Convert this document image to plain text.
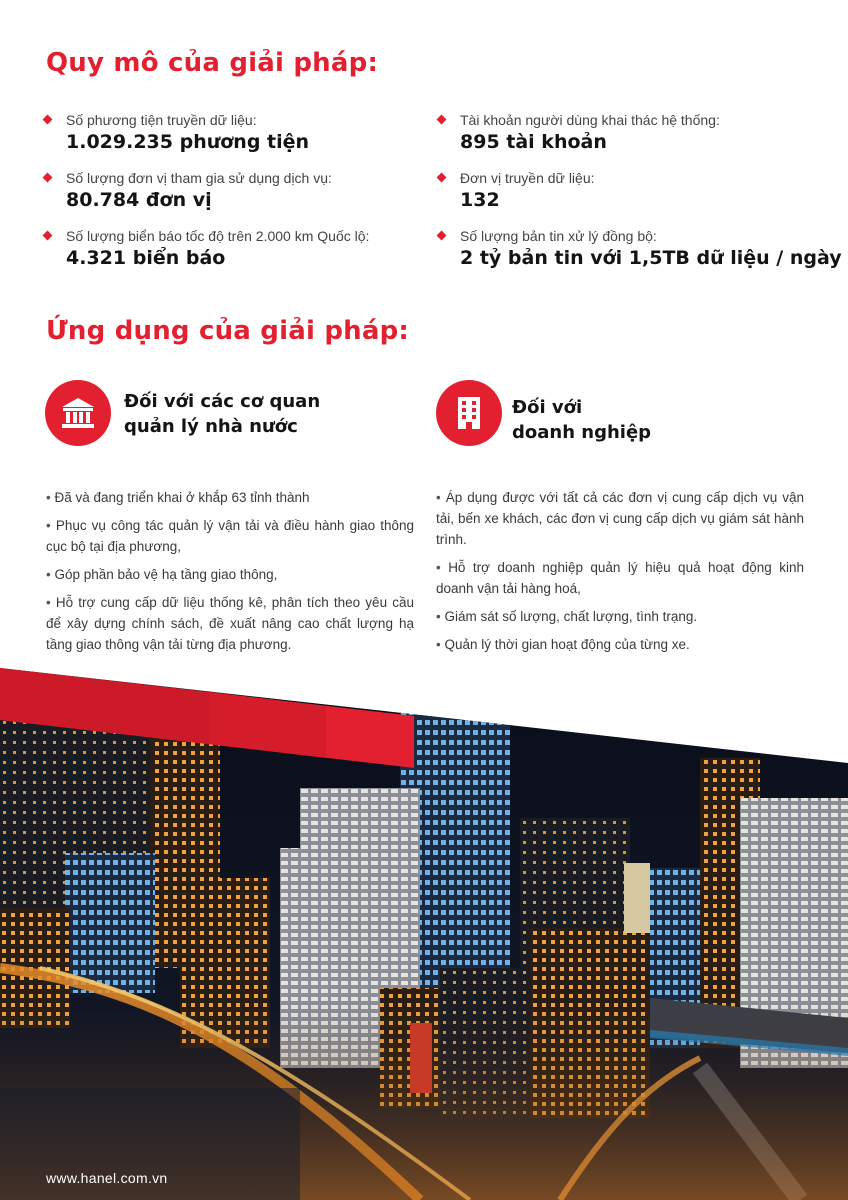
Quy mô của giải pháp:
Số phương tiện truyền dữ liệu:
1.029.235 phương tiện
Tài khoản người dùng khai thác hệ thống:
895 tài khoản
Số lượng đơn vị tham gia sử dụng dịch vụ:
80.784 đơn vị
Đơn vị truyền dữ liệu:
132
Số lượng biển báo tốc độ trên 2.000 km Quốc lộ:
4.321 biển báo
Số lượng bản tin xử lý đồng bộ:
2 tỷ bản tin với 1,5TB dữ liệu / ngày
Ứng dụng của giải pháp:
Đối với các cơ quan
quản lý nhà nước
Đối với
doanh nghiệp
• Đã và đang triển khai ở khắp 63 tỉnh thành
• Phục vụ công tác quản lý vận tải và điều hành giao thông cục bộ tại địa phương,
• Góp phần bảo vệ hạ tầng giao thông,
• Hỗ trợ cung cấp dữ liệu thống kê, phân tích theo yêu cầu để xây dựng chính sách, đề xuất nâng cao chất lượng hạ tầng giao thông vận tải từng địa phương.
• Áp dụng được với tất cả các đơn vị cung cấp dịch vụ vận tải, bến xe khách, các đơn vị cung cấp dịch vụ giám sát hành trình.
• Hỗ trợ doanh nghiệp quản lý hiệu quả hoạt động kinh doanh vận tải hàng hoá,
• Giám sát số lượng, chất lượng, tình trạng.
• Quản lý thời gian hoạt động của từng xe.
www.hanel.com.vn
